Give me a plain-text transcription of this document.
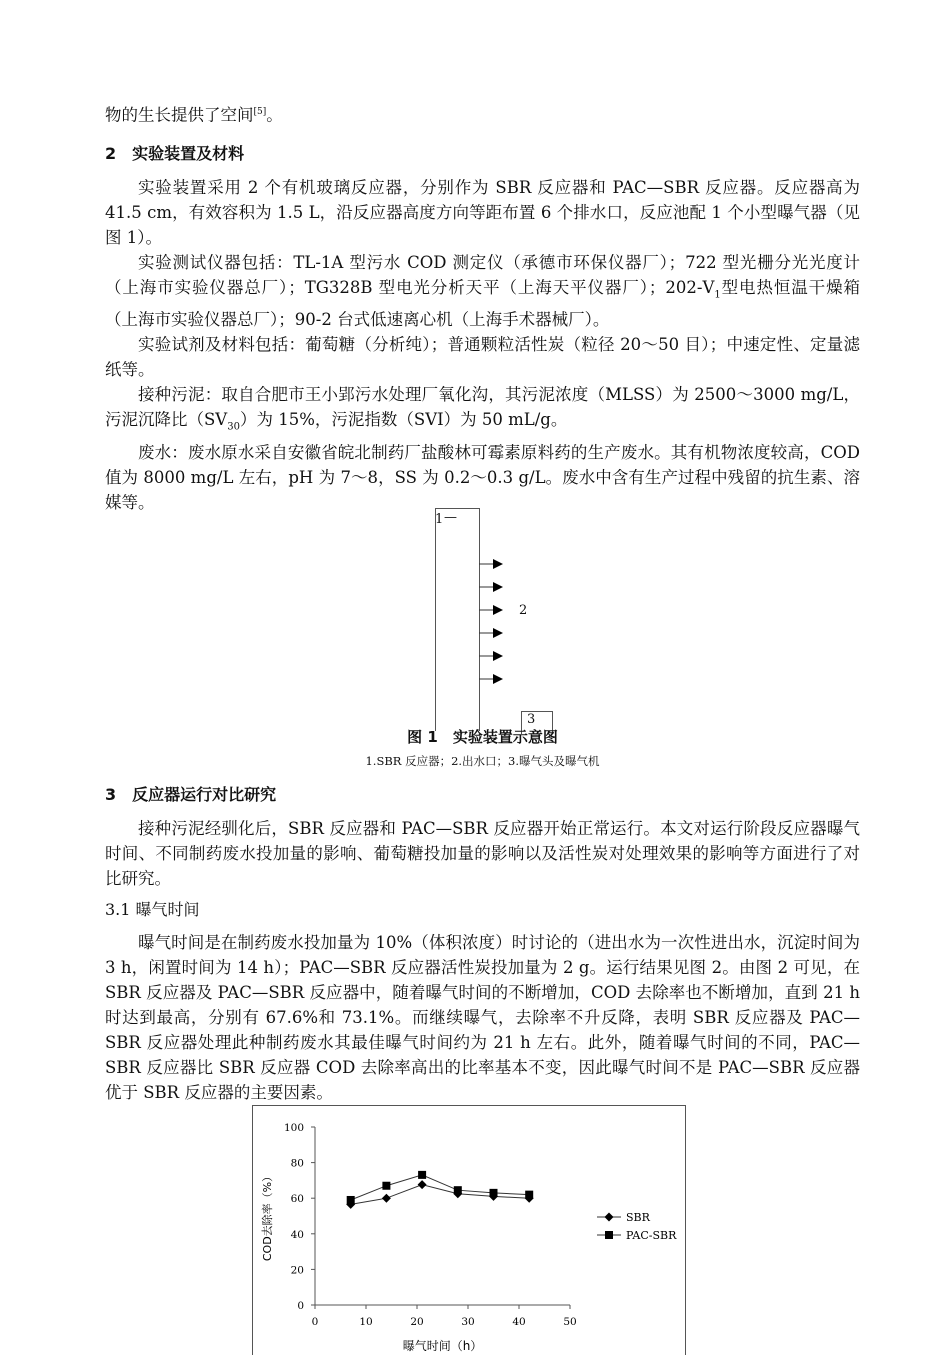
物的生长提供了空间[5]。

2　实验装置及材料

实验装置采用 2 个有机玻璃反应器，分别作为 SBR 反应器和 PAC—SBR 反应器。反应器高为 41.5 cm，有效容积为 1.5 L，沿反应器高度方向等距布置 6 个排水口，反应池配 1 个小型曝气器（见图 1）。

实验测试仪器包括：TL-1A 型污水 COD 测定仪（承德市环保仪器厂）；722 型光栅分光光度计（上海市实验仪器总厂）；TG328B 型电光分析天平（上海天平仪器厂）；$202-V_1$型电热恒温干燥箱（上海市实验仪器总厂）；90-2 台式低速离心机（上海手术器械厂）。

实验试剂及材料包括：葡萄糖（分析纯）；普通颗粒活性炭（粒径 20～50 目）；中速定性、定量滤纸等。

接种污泥：取自合肥市王小郢污水处理厂氧化沟，其污泥浓度（MLSS）为 2500～3000 mg/L，污泥沉降比$(SV_{30})$为 15%，污泥指数（SVI）为 50 mL/g。

废水：废水原水采自安徽省皖北制药厂盐酸林可霉素原料药的生产废水。其有机物浓度较高，COD 值为 8000 mg/L 左右，pH 为 7～8，SS 为 0.2～0.3 g/L。废水中含有生产过程中残留的抗生素、溶媒等。

1 —
2
3
图 1　实验装置示意图
1.SBR 反应器；2.出水口；3.曝气头及曝气机

3　反应器运行对比研究

接种污泥经驯化后，SBR 反应器和 PAC—SBR 反应器开始正常运行。本文对运行阶段反应器曝气时间、不同制药废水投加量的影响、葡萄糖投加量的影响以及活性炭对处理效果的影响等方面进行了对比研究。

3.1 曝气时间

曝气时间是在制药废水投加量为 10%（体积浓度）时讨论的（进出水为一次性进出水，沉淀时间为 3 h，闲置时间为 14 h）；PAC—SBR 反应器活性炭投加量为 2 g。运行结果见图 2。由图 2 可见，在 SBR 反应器及 PAC—SBR 反应器中，随着曝气时间的不断增加，COD 去除率也不断增加，直到 21 h 时达到最高，分别有 67.6%和 73.1%。而继续曝气，去除率不升反降，表明 SBR 反应器及 PAC—SBR 反应器处理此种制药废水其最佳曝气时间约为 21 h 左右。此外，随着曝气时间的不同，PAC—SBR 反应器比 SBR 反应器 COD 去除率高出的比率基本不变，因此曝气时间不是 PAC—SBR 反应器优于 SBR 反应器的主要因素。

0
20
40
60
80
100
0	10	20	30	40	50
COD去除率（%）
曝气时间（h）
SBR
PAC-SBR
